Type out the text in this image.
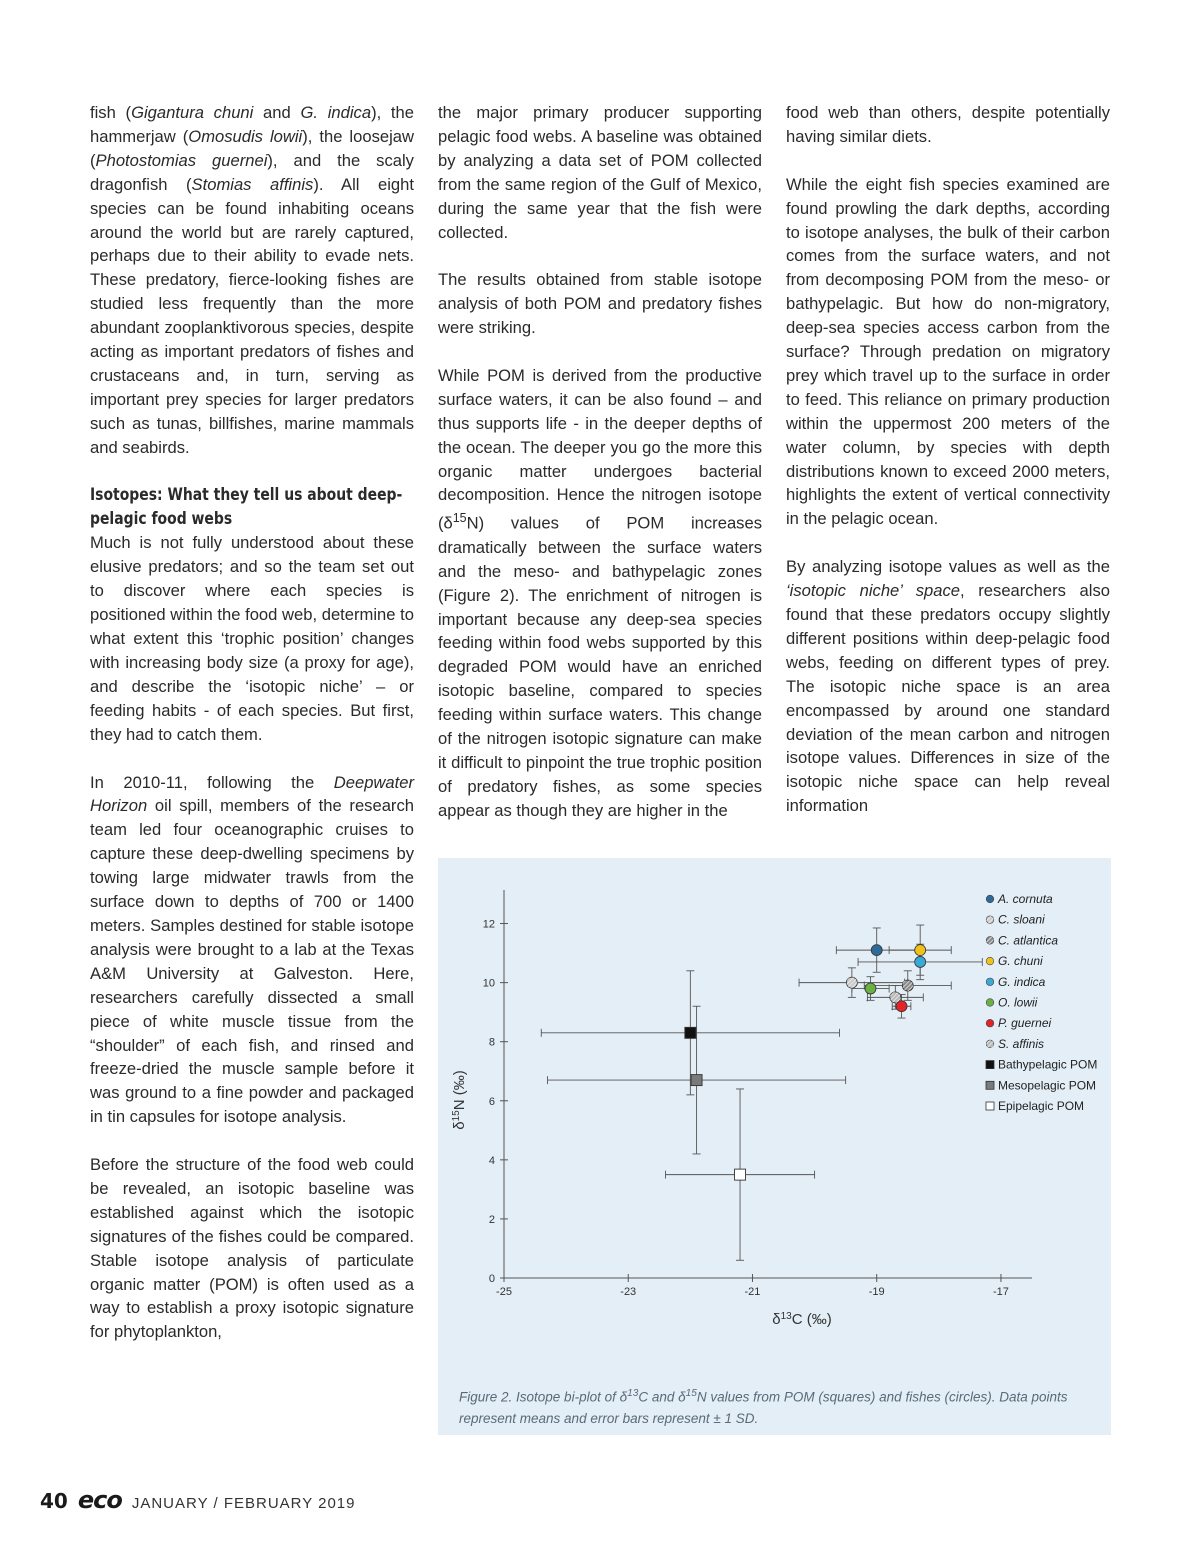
fish (Gigantura chuni and G. indica), the hammerjaw (Omosudis lowii), the loosejaw (Photostomias guernei), and the scaly dragonfish (Stomias affinis). All eight species can be found inhabiting oceans around the world but are rarely captured, perhaps due to their ability to evade nets. These predatory, fierce-looking fishes are studied less frequently than the more abundant zooplanktivorous species, despite acting as important predators of fishes and crustaceans and, in turn, serving as important prey species for larger predators such as tunas, billfishes, marine mammals and seabirds.

Isotopes: What they tell us about deep-pelagic food webs

Much is not fully understood about these elusive predators; and so the team set out to discover where each species is positioned within the food web, determine to what extent this ‘trophic position’ changes with increasing body size (a proxy for age), and describe the ‘isotopic niche’ – or feeding habits - of each species. But first, they had to catch them.

In 2010-11, following the Deepwater Horizon oil spill, members of the research team led four oceanographic cruises to capture these deep-dwelling specimens by towing large midwater trawls from the surface down to depths of 700 or 1400 meters. Samples destined for stable isotope analysis were brought to a lab at the Texas A&M University at Galveston. Here, researchers carefully dissected a small piece of white muscle tissue from the “shoulder” of each fish, and rinsed and freeze-dried the muscle sample before it was ground to a fine powder and packaged in tin capsules for isotope analysis.

Before the structure of the food web could be revealed, an isotopic baseline was established against which the isotopic signatures of the fishes could be compared. Stable isotope analysis of particulate organic matter (POM) is often used as a way to establish a proxy isotopic signature for phytoplankton,

the major primary producer supporting pelagic food webs. A baseline was obtained by analyzing a data set of POM collected from the same region of the Gulf of Mexico, during the same year that the fish were collected.

The results obtained from stable isotope analysis of both POM and predatory fishes were striking.

While POM is derived from the productive surface waters, it can be also found – and thus supports life - in the deeper depths of the ocean. The deeper you go the more this organic matter undergoes bacterial decomposition. Hence the nitrogen isotope $(\delta^{15}N)$ values of POM increases dramatically between the surface waters and the meso- and bathypelagic zones (Figure 2). The enrichment of nitrogen is important because any deep-sea species feeding within food webs supported by this degraded POM would have an enriched isotopic baseline, compared to species feeding within surface waters. This change of the nitrogen isotopic signature can make it difficult to pinpoint the true trophic position of predatory fishes, as some species appear as though they are higher in the

food web than others, despite potentially having similar diets.

While the eight fish species examined are found prowling the dark depths, according to isotope analyses, the bulk of their carbon comes from the surface waters, and not from decomposing POM from the meso- or bathypelagic. But how do non-migratory, deep-sea species access carbon from the surface? Through predation on migratory prey which travel up to the surface in order to feed. This reliance on primary production within the uppermost 200 meters of the water column, by species with depth distributions known to exceed 2000 meters, highlights the extent of vertical connectivity in the pelagic ocean.

By analyzing isotope values as well as the ‘isotopic niche’ space, researchers also found that these predators occupy slightly different positions within deep-pelagic food webs, feeding on different types of prey. The isotopic niche space is an area encompassed by around one standard deviation of the mean carbon and nitrogen isotope values. Differences in size of the isotopic niche space can help reveal information

-25	-23	-21	-19	-17
0
2
4
6
8
10
12
$\delta^{13}C$ (‰)
$\delta^{15}N$ (‰)
A. cornuta
C. sloani
C. atlantica
G. chuni
G. indica
O. lowii
P. guernei
S. affinis
Bathypelagic POM
Mesopelagic POM
Epipelagic POM
Figure 2. Isotope bi-plot of $\delta^{13}C$ and $\delta^{15}N$ values from POM (squares) and fishes (circles). Data points represent means and error bars represent ± 1 SD.
40 eco JANUARY / FEBRUARY 2019
